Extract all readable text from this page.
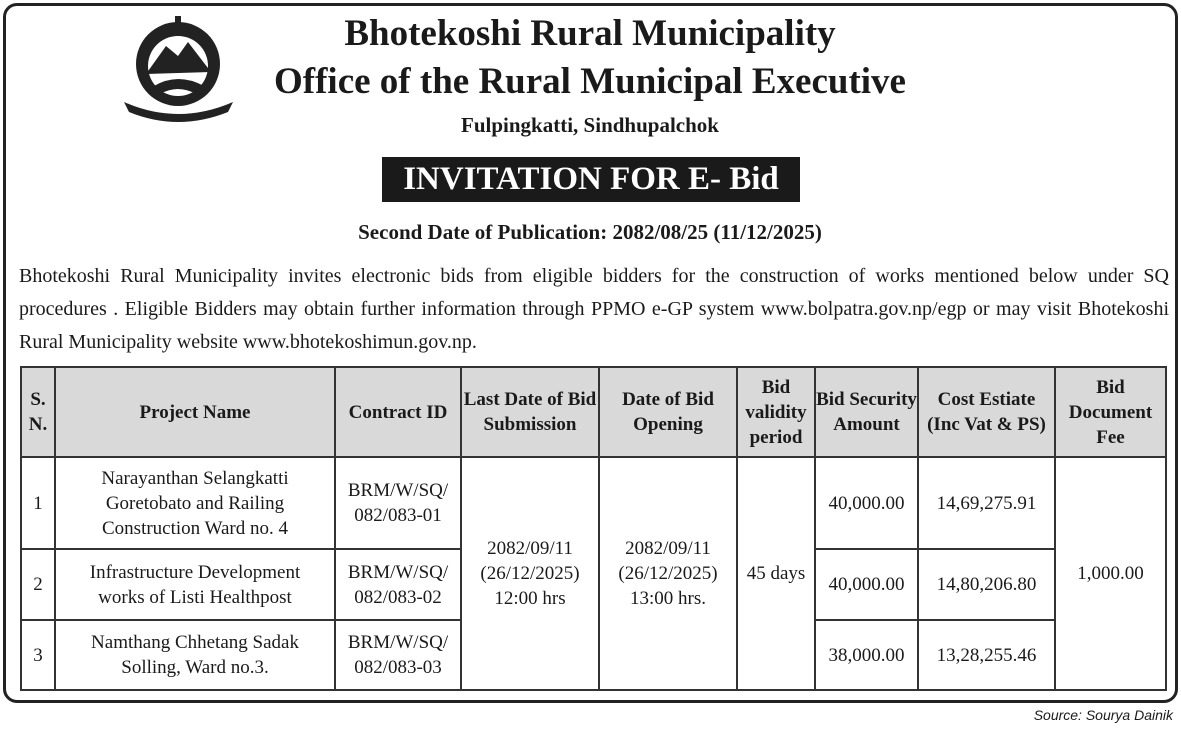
Bhotekoshi Rural Municipality
Office of the Rural Municipal Executive
Fulpingkatti, Sindhupalchok
INVITATION FOR E- Bid
Second Date of Publication: 2082/08/25 (11/12/2025)
Bhotekoshi Rural Municipality invites electronic bids from eligible bidders for the construction of works mentioned below under SQ procedures . Eligible Bidders may obtain further information through PPMO e-GP system www.bolpatra.gov.np/egp or may visit Bhotekoshi Rural Municipality website www.bhotekoshimun.gov.np.
S. N.	Project Name	Contract ID	Last Date of Bid Submission	Date of Bid Opening	Bid validity period	Bid Security Amount	Cost Estiate (Inc Vat & PS)	Bid Document Fee
1	Narayanthan Selangkatti Goretobato and Railing Construction Ward no. 4	BRM/W/SQ/ 082/083-01	2082/09/11 (26/12/2025) 12:00 hrs	2082/09/11 (26/12/2025) 13:00 hrs.	45 days	40,000.00	14,69,275.91	1,000.00
2	Infrastructure Development works of Listi Healthpost	BRM/W/SQ/ 082/083-02				40,000.00	14,80,206.80	
3	Namthang Chhetang Sadak Solling, Ward no.3.	BRM/W/SQ/ 082/083-03				38,000.00	13,28,255.46	
Source: Sourya Dainik
